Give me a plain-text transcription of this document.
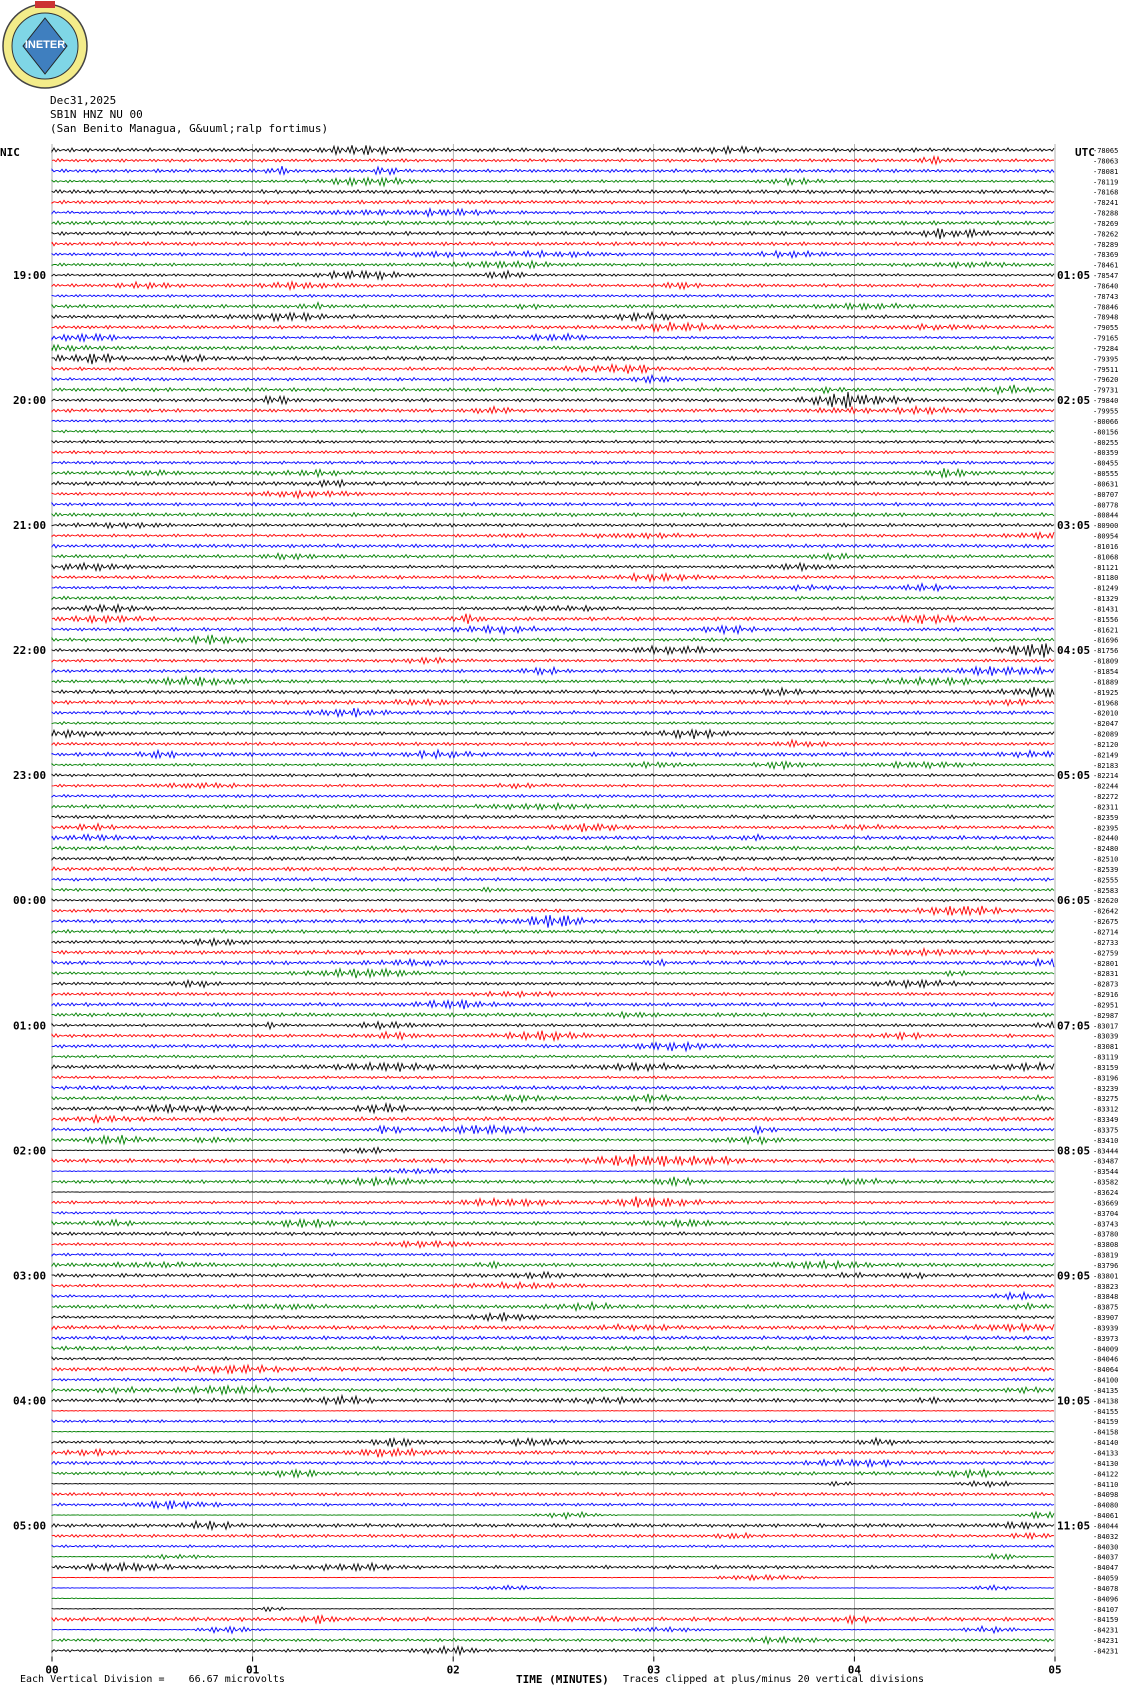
INETER
Dec31,2025
SB1N HNZ NU 00
(San Benito Managua, G&uuml;ralp fortimus)
NIC	UTC
19:00
20:00
21:00
22:00
23:00
00:00
01:00
02:00
03:00
04:00
05:00
01:05
02:05
03:05
04:05
05:05
06:05
07:05
08:05
09:05
10:05
11:05
-78065
-78063
-78081
-78119
-78168
-78241
-78288
-78269
-78262
-78289
-78369
-78461
-78547
-78640
-78743
-78846
-78948
-79055
-79165
-79284
-79395
-79511
-79620
-79731
-79840
-79955
-80066
-80156
-80255
-80359
-80455
-80555
-80631
-80707
-80778
-80844
-80900
-80954
-81016
-81068
-81121
-81180
-81249
-81329
-81431
-81556
-81621
-81696
-81756
-81809
-81854
-81889
-81925
-81968
-82010
-82047
-82089
-82120
-82149
-82183
-82214
-82244
-82272
-82311
-82359
-82395
-82440
-82480
-82510
-82539
-82555
-82583
-82620
-82642
-82675
-82714
-82733
-82759
-82801
-82831
-82873
-82916
-82951
-82987
-83017
-83039
-83081
-83119
-83159
-83196
-83239
-83275
-83312
-83349
-83375
-83410
-83444
-83487
-83544
-83582
-83624
-83669
-83704
-83743
-83780
-83808
-83819
-83796
-83801
-83823
-83848
-83875
-83907
-83939
-83973
-84009
-84046
-84064
-84100
-84135
-84138
-84155
-84159
-84158
-84140
-84133
-84130
-84122
-84110
-84098
-84080
-84061
-84044
-84032
-84030
-84037
-84047
-84059
-84078
-84096
-84107
-84159
-84231
-84231
-84231
00	01	02	03	04	05
Each Vertical Division =    66.67 microvolts	TIME (MINUTES) Traces clipped at plus/minus 20 vertical divisions
